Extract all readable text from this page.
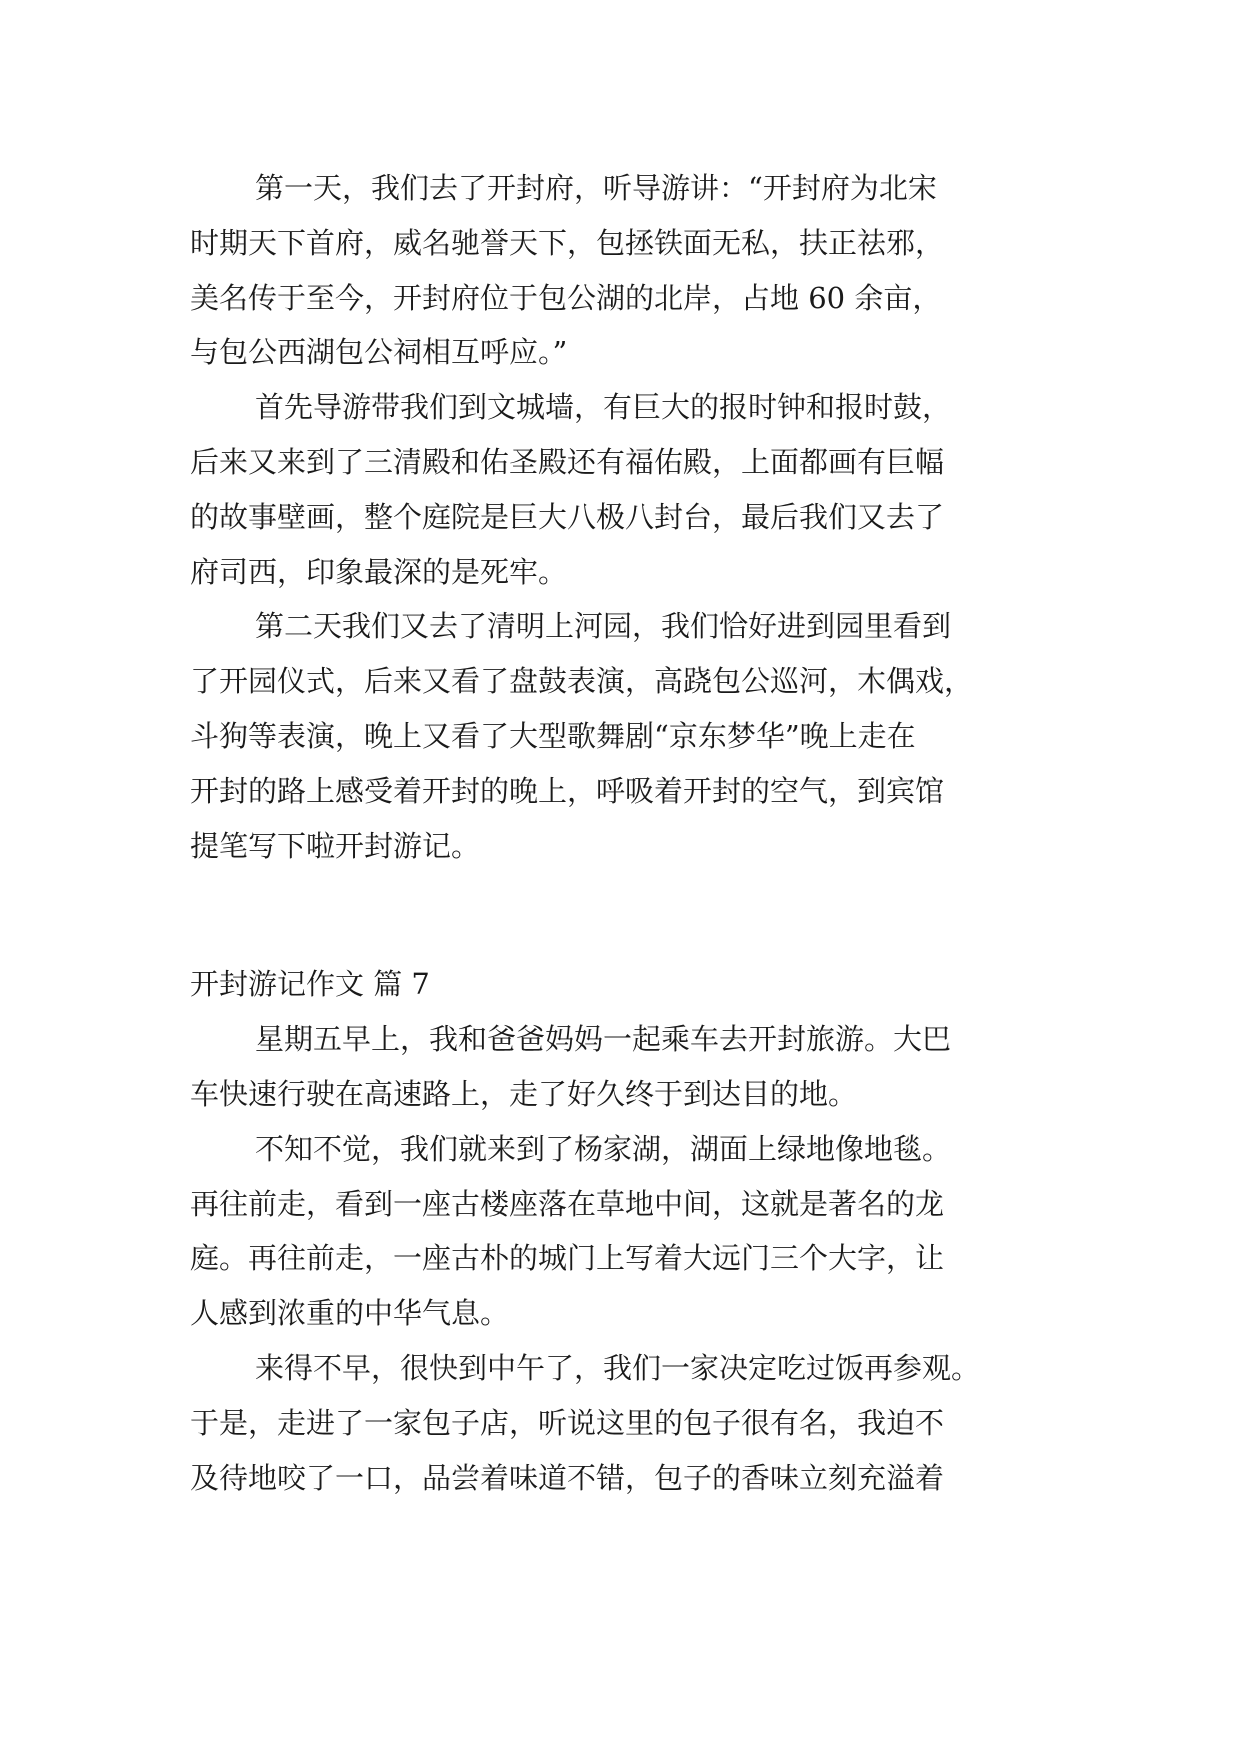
第一天，我们去了开封府，听导游讲：“开封府为北宋
时期天下首府，威名驰誉天下，包拯铁面无私，扶正祛邪，
美名传于至今，开封府位于包公湖的北岸，占地 60 余亩，
与包公西湖包公祠相互呼应。”
首先导游带我们到文城墙，有巨大的报时钟和报时鼓，
后来又来到了三清殿和佑圣殿还有福佑殿，上面都画有巨幅
的故事壁画，整个庭院是巨大八极八封台，最后我们又去了
府司西，印象最深的是死牢。
第二天我们又去了清明上河园，我们恰好进到园里看到
了开园仪式，后来又看了盘鼓表演，高跷包公巡河，木偶戏，
斗狗等表演，晚上又看了大型歌舞剧“京东梦华”晚上走在
开封的路上感受着开封的晚上，呼吸着开封的空气，到宾馆
提笔写下啦开封游记。
开封游记作文 篇 7
星期五早上，我和爸爸妈妈一起乘车去开封旅游。大巴
车快速行驶在高速路上，走了好久终于到达目的地。
不知不觉，我们就来到了杨家湖，湖面上绿地像地毯。
再往前走，看到一座古楼座落在草地中间，这就是著名的龙
庭。再往前走，一座古朴的城门上写着大远门三个大字，让
人感到浓重的中华气息。
来得不早，很快到中午了，我们一家决定吃过饭再参观。
于是，走进了一家包子店，听说这里的包子很有名，我迫不
及待地咬了一口，品尝着味道不错，包子的香味立刻充溢着
